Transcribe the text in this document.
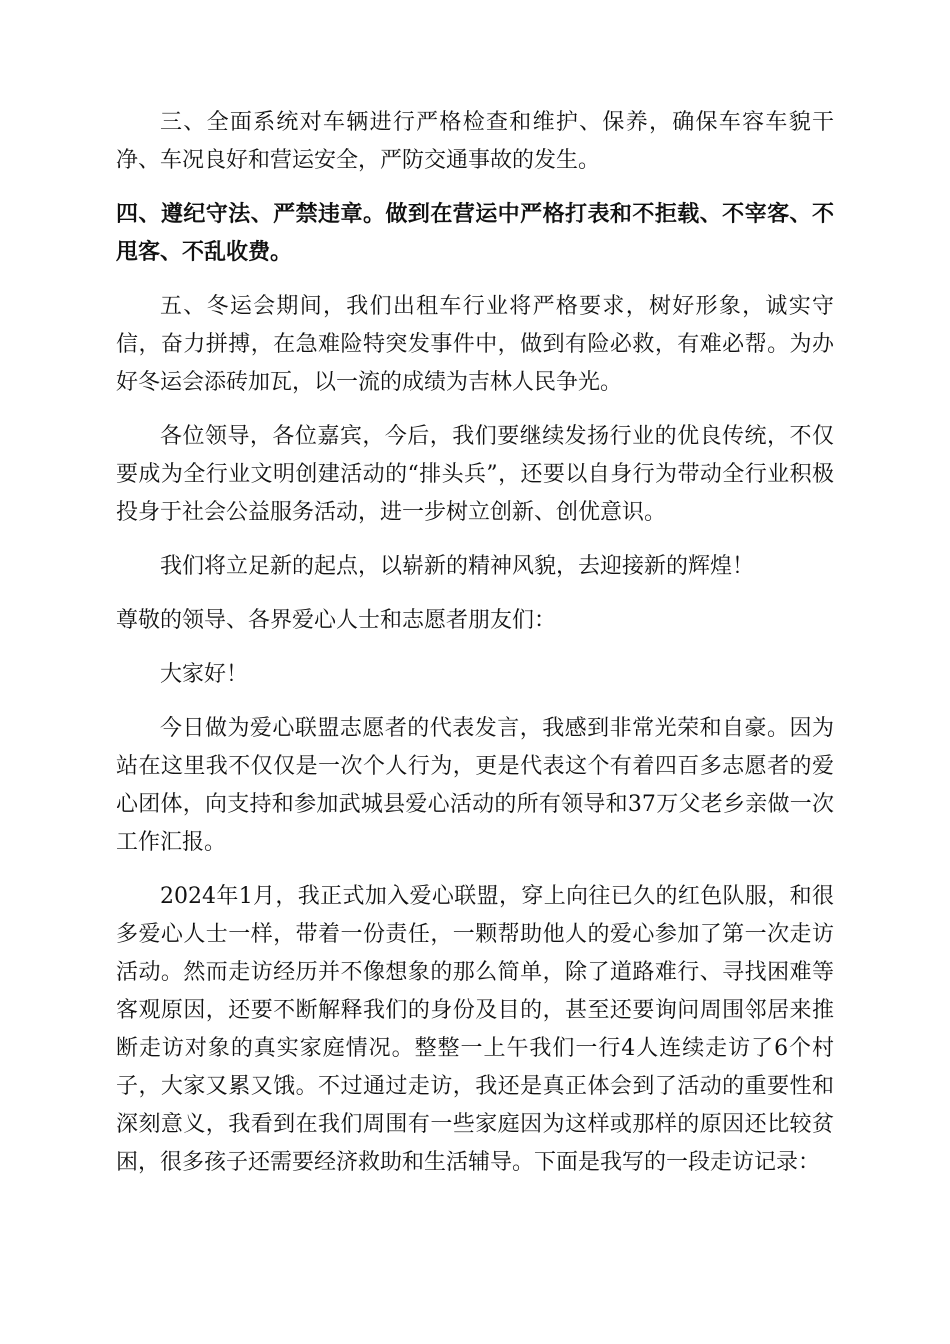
三、全面系统对车辆进行严格检查和维护、保养，确保车容车貌干净、车况良好和营运安全，严防交通事故的发生。

四、遵纪守法、严禁违章。做到在营运中严格打表和不拒载、不宰客、不甩客、不乱收费。

五、冬运会期间，我们出租车行业将严格要求，树好形象，诚实守信，奋力拼搏，在急难险特突发事件中，做到有险必救，有难必帮。为办好冬运会添砖加瓦，以一流的成绩为吉林人民争光。

各位领导，各位嘉宾，今后，我们要继续发扬行业的优良传统，不仅要成为全行业文明创建活动的“排头兵”，还要以自身行为带动全行业积极投身于社会公益服务活动，进一步树立创新、创优意识。

我们将立足新的起点，以崭新的精神风貌，去迎接新的辉煌！

尊敬的领导、各界爱心人士和志愿者朋友们：

大家好！

今日做为爱心联盟志愿者的代表发言，我感到非常光荣和自豪。因为站在这里我不仅仅是一次个人行为，更是代表这个有着四百多志愿者的爱心团体，向支持和参加武城县爱心活动的所有领导和37万父老乡亲做一次工作汇报。

2024年1月，我正式加入爱心联盟，穿上向往已久的红色队服，和很多爱心人士一样，带着一份责任，一颗帮助他人的爱心参加了第一次走访活动。然而走访经历并不像想象的那么简单，除了道路难行、寻找困难等客观原因，还要不断解释我们的身份及目的，甚至还要询问周围邻居来推断走访对象的真实家庭情况。整整一上午我们一行4人连续走访了6个村子，大家又累又饿。不过通过走访，我还是真正体会到了活动的重要性和深刻意义，我看到在我们周围有一些家庭因为这样或那样的原因还比较贫困，很多孩子还需要经济救助和生活辅导。下面是我写的一段走访记录：
